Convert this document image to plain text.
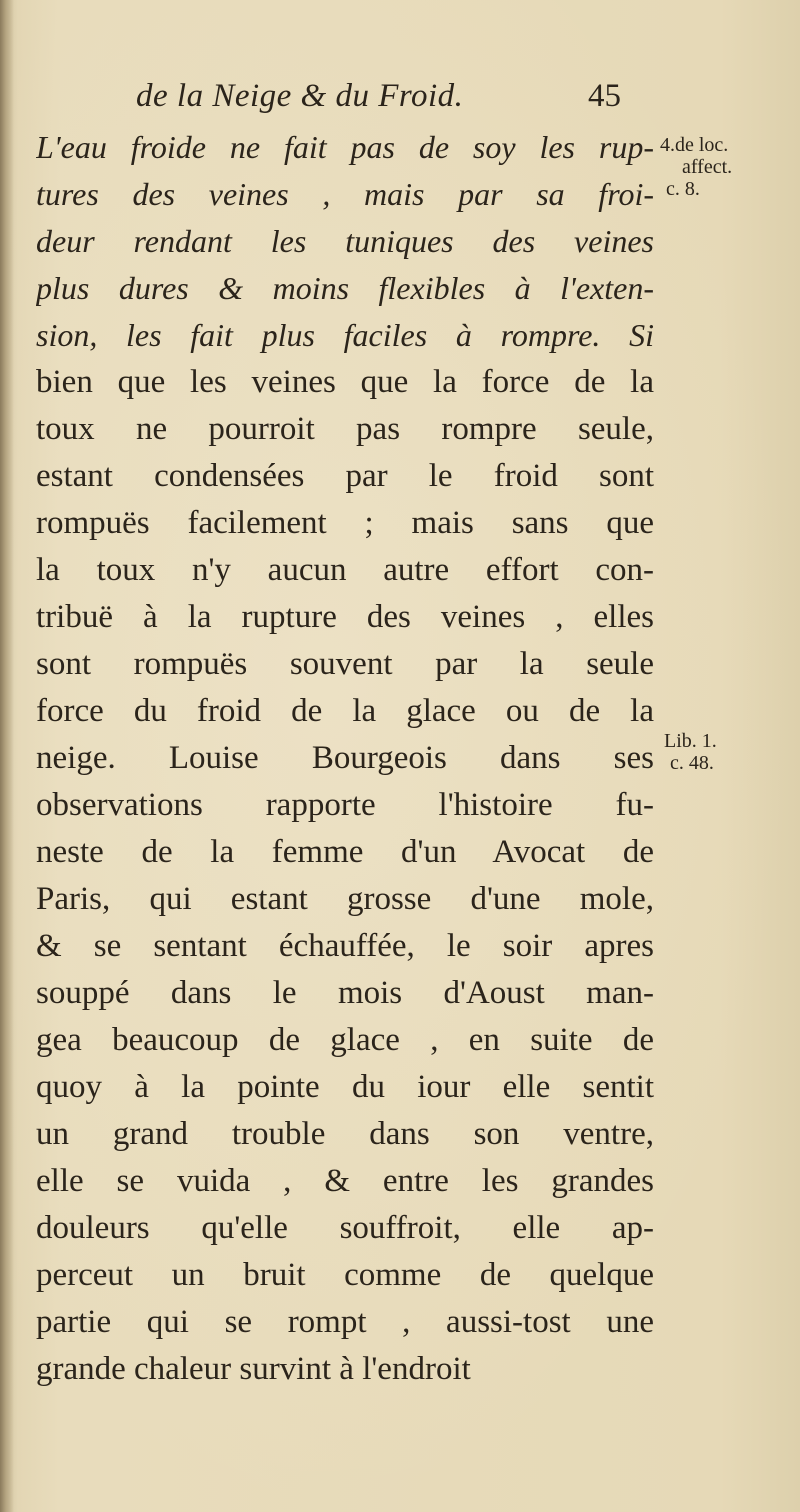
de la Neige & du Froid.	45
L'eau froide ne fait pas de soy les rup-
tures des veines , mais par sa froi-
deur rendant les tuniques des veines
plus dures & moins flexibles à l'exten-
sion, les fait plus faciles à rompre. Si
bien que les veines que la force de la
toux ne pourroit pas rompre seule,
estant condensées par le froid sont
rompuës facilement ; mais sans que
la toux n'y aucun autre effort con-
tribuë à la rupture des veines , elles
sont rompuës souvent par la seule
force du froid de la glace ou de la
neige. Louise Bourgeois dans ses
observations rapporte l'histoire fu-
neste de la femme d'un Avocat de
Paris, qui estant grosse d'une mole,
& se sentant échauffée, le soir apres
souppé dans le mois d'Aoust man-
gea beaucoup de glace , en suite de
quoy à la pointe du iour elle sentit
un grand trouble dans son ventre,
elle se vuida , & entre les grandes
douleurs qu'elle souffroit, elle ap-
perceut un bruit comme de quelque
partie qui se rompt , aussi-tost une
grande chaleur survint à l'endroit
4.de loc.
affect.
c. 8.
Lib. 1.
c. 48.
